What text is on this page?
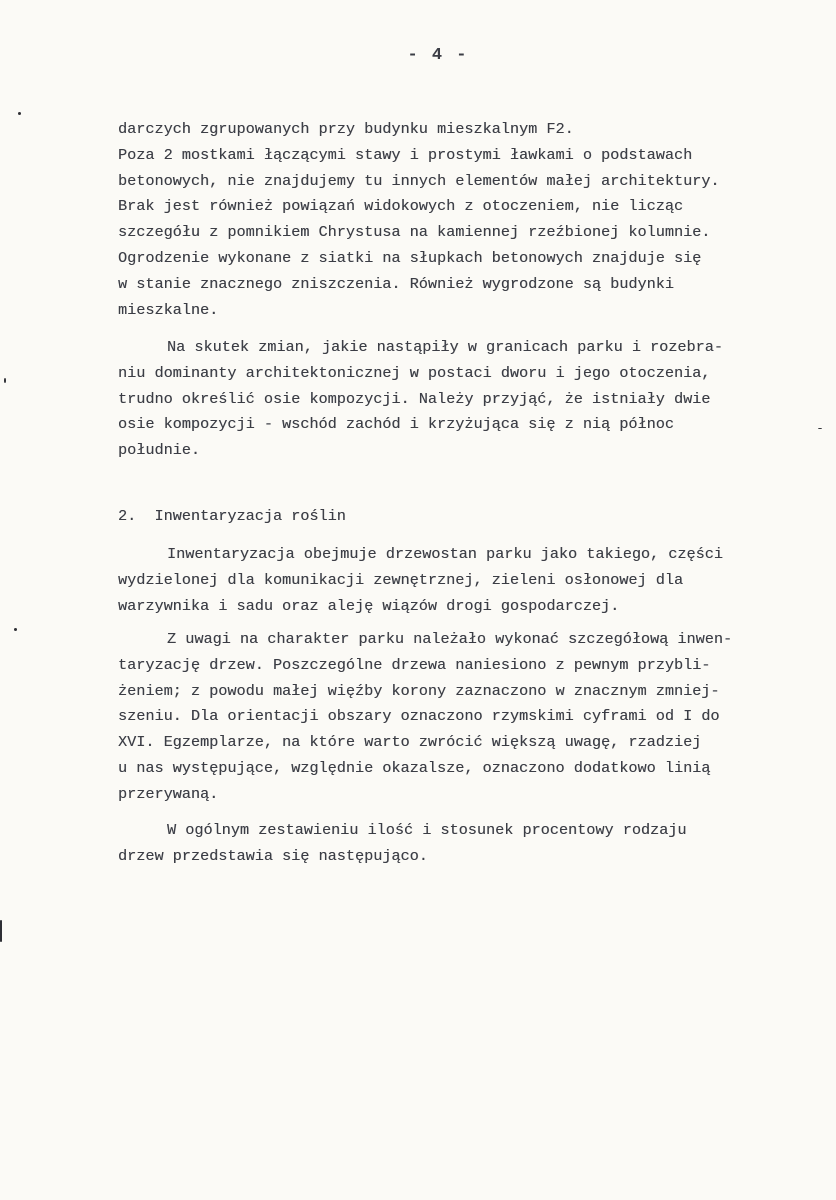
- 4 -
darczych zgrupowanych przy budynku mieszkalnym F2.
Poza 2 mostkami łączącymi stawy i prostymi ławkami o podstawach
betonowych, nie znajdujemy tu innych elementów małej architektury.
Brak jest również powiązań widokowych z otoczeniem, nie licząc
szczegółu z pomnikiem Chrystusa na kamiennej rzeźbionej kolumnie.
Ogrodzenie wykonane z siatki na słupkach betonowych znajduje się
w stanie znacznego zniszczenia. Również wygrodzone są budynki
mieszkalne.
Na skutek zmian, jakie nastąpiły w granicach parku i rozebra-
niu dominanty architektonicznej w postaci dworu i jego otoczenia,
trudno określić osie kompozycji. Należy przyjąć, że istniały dwie
osie kompozycji - wschód zachód i krzyżująca się z nią północ
południe.
2.  Inwentaryzacja roślin
Inwentaryzacja obejmuje drzewostan parku jako takiego, części
wydzielonej dla komunikacji zewnętrznej, zieleni osłonowej dla
warzywnika i sadu oraz aleję wiązów drogi gospodarczej.
Z uwagi na charakter parku należało wykonać szczegółową inwen-
taryzację drzew. Poszczególne drzewa naniesiono z pewnym przybli-
żeniem; z powodu małej więźby korony zaznaczono w znacznym zmniej-
szeniu. Dla orientacji obszary oznaczono rzymskimi cyframi od I do
XVI. Egzemplarze, na które warto zwrócić większą uwagę, rzadziej
u nas występujące, względnie okazalsze, oznaczono dodatkowo linią
przerywaną.
W ogólnym zestawieniu ilość i stosunek procentowy rodzaju
drzew przedstawia się następująco.
